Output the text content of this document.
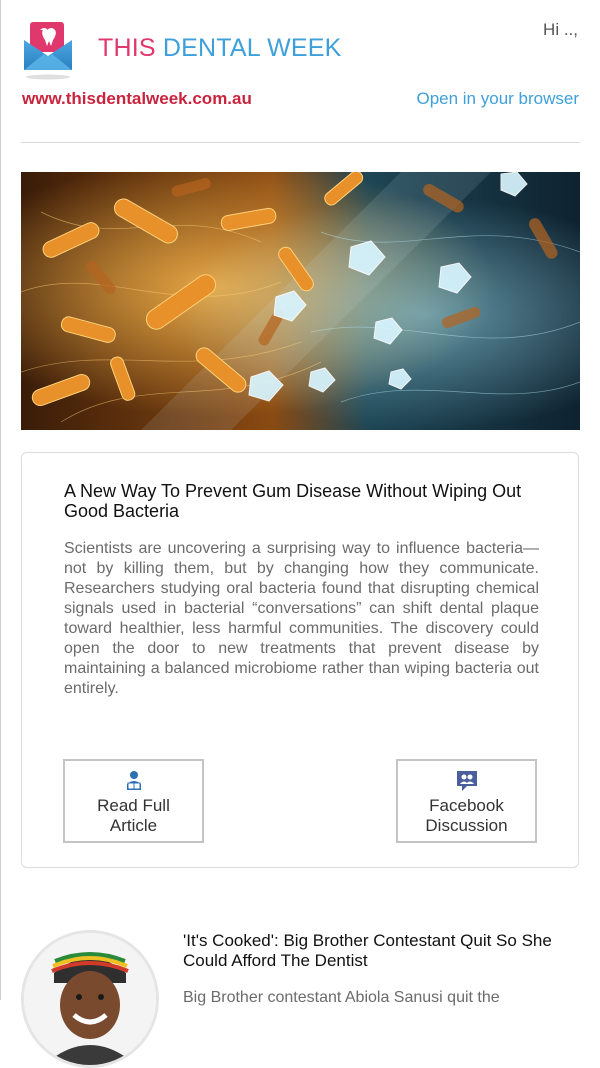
THIS DENTAL WEEK
Hi ..,
www.thisdentalweek.com.au	Open in your browser
A New Way To Prevent Gum Disease Without Wiping Out Good Bacteria

Scientists are uncovering a surprising way to influence bacteria—not by killing them, but by changing how they communicate. Researchers studying oral bacteria found that disrupting chemical signals used in bacterial “conversations” can shift dental plaque toward healthier, less harmful communities. The discovery could open the door to new treatments that prevent disease by maintaining a balanced microbiome rather than wiping bacteria out entirely.

Read Full
Article
Facebook
Discussion
'It's Cooked': Big Brother Contestant Quit So She Could Afford The Dentist

Big Brother contestant Abiola Sanusi quit the
